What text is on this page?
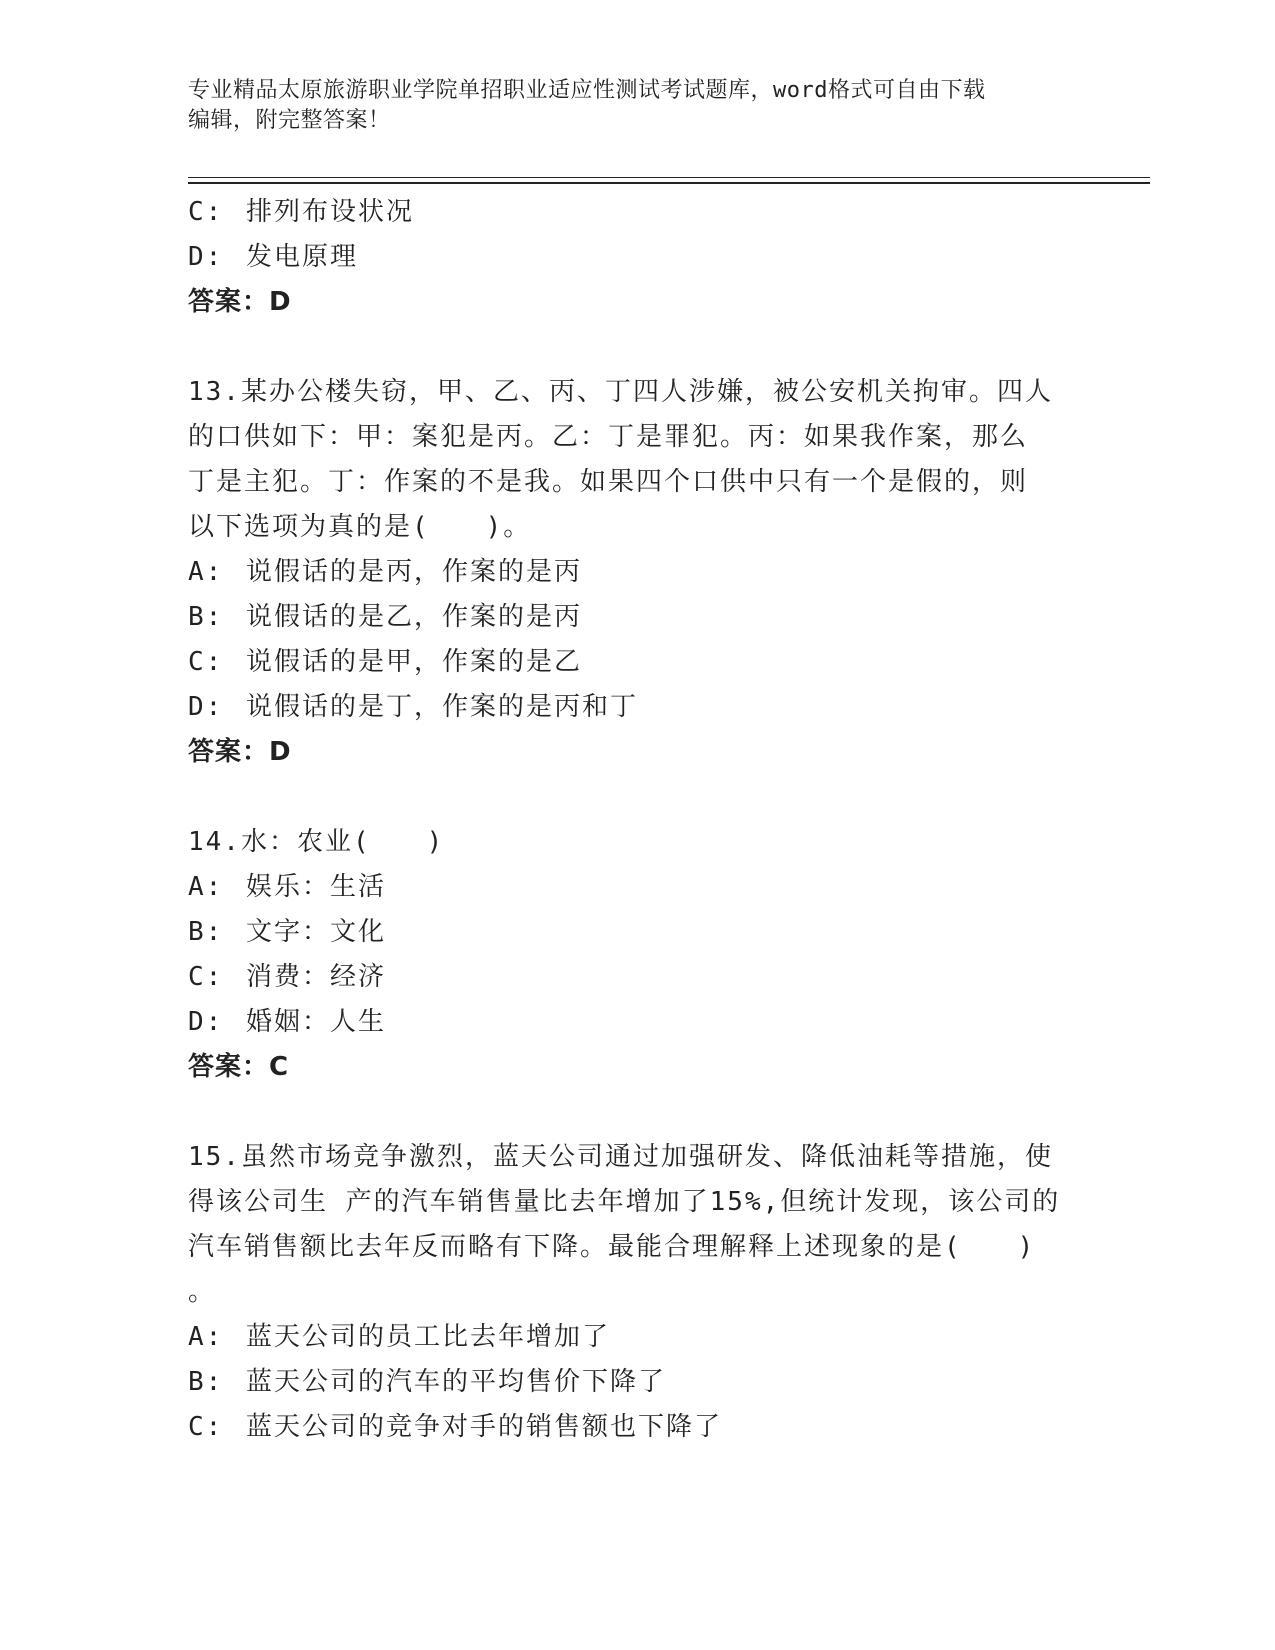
专业精品太原旅游职业学院单招职业适应性测试考试题库，word格式可自由下载
编辑，附完整答案！
C: 排列布设状况
D: 发电原理
答案：D
13.某办公楼失窃，甲、乙、丙、丁四人涉嫌，被公安机关拘审。四人
的口供如下：甲：案犯是丙。乙：丁是罪犯。丙：如果我作案，那么
丁是主犯。丁：作案的不是我。如果四个口供中只有一个是假的，则
以下选项为真的是(　　)。
A: 说假话的是丙，作案的是丙
B: 说假话的是乙，作案的是丙
C: 说假话的是甲，作案的是乙
D: 说假话的是丁，作案的是丙和丁
答案：D
14.水：农业(　　)
A: 娱乐：生活
B: 文字：文化
C: 消费：经济
D: 婚姻：人生
答案：C
15.虽然市场竞争激烈，蓝天公司通过加强研发、降低油耗等措施，使
得该公司生 产的汽车销售量比去年增加了15%,但统计发现，该公司的
汽车销售额比去年反而略有下降。最能合理解释上述现象的是(　　)
。
A: 蓝天公司的员工比去年增加了
B: 蓝天公司的汽车的平均售价下降了
C: 蓝天公司的竞争对手的销售额也下降了
